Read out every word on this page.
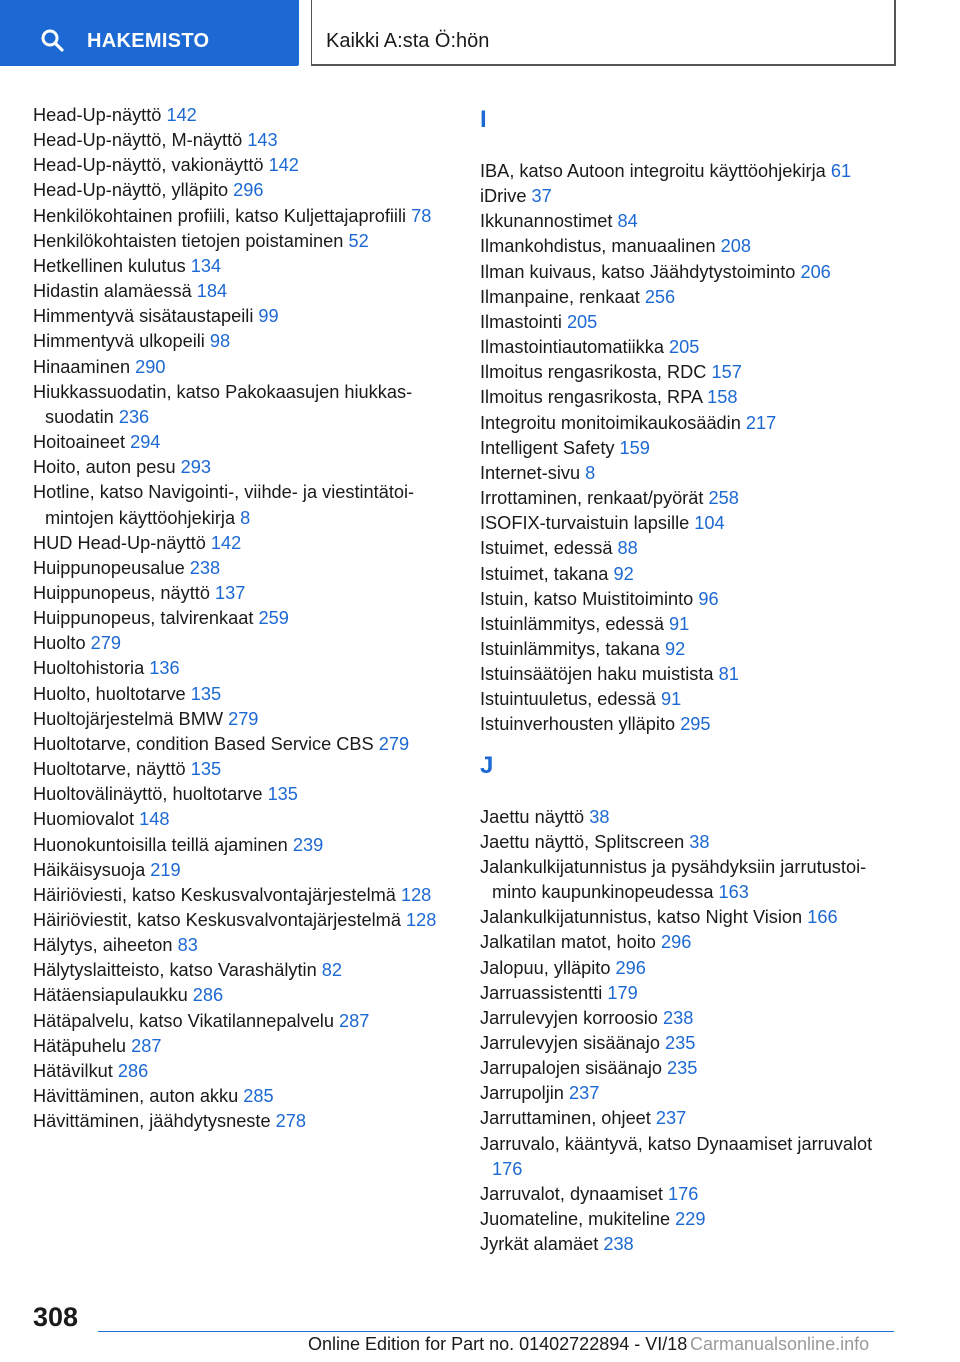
HAKEMISTO	Kaikki A:sta Ö:hön
Head-Up-näyttö 142
Head-Up-näyttö, M-näyttö 143
Head-Up-näyttö, vakionäyttö 142
Head-Up-näyttö, ylläpito 296
Henkilökohtainen profiili, katso Kuljettajaprofiili 78
Henkilökohtaisten tietojen poistaminen 52
Hetkellinen kulutus 134
Hidastin alamäessä 184
Himmentyvä sisätaustapeili 99
Himmentyvä ulkopeili 98
Hinaaminen 290
Hiukkassuodatin, katso Pakokaasujen hiukkassuodatin 236
Hoitoaineet 294
Hoito, auton pesu 293
Hotline, katso Navigointi-, viihde- ja viestintätoimintojen käyttöohjekirja 8
HUD Head-Up-näyttö 142
Huippunopeusalue 238
Huippunopeus, näyttö 137
Huippunopeus, talvirenkaat 259
Huolto 279
Huoltohistoria 136
Huolto, huoltotarve 135
Huoltojärjestelmä BMW 279
Huoltotarve, condition Based Service CBS 279
Huoltotarve, näyttö 135
Huoltovälinäyttö, huoltotarve 135
Huomiovalot 148
Huonokuntoisilla teillä ajaminen 239
Häikäisysuoja 219
Häiriöviesti, katso Keskusvalvontajärjestelmä 128
Häiriöviestit, katso Keskusvalvontajärjestelmä 128
Hälytys, aiheeton 83
Hälytyslaitteisto, katso Varashälytin 82
Hätäensiapulaukku 286
Hätäpalvelu, katso Vikatilannepalvelu 287
Hätäpuhelu 287
Hätävilkut 286
Hävittäminen, auton akku 285
Hävittäminen, jäähdytysneste 278
I
IBA, katso Autoon integroitu käyttöohjekirja 61
iDrive 37
Ikkunannostimet 84
Ilmankohdistus, manuaalinen 208
Ilman kuivaus, katso Jäähdytystoiminto 206
Ilmanpaine, renkaat 256
Ilmastointi 205
Ilmastointiautomatiikka 205
Ilmoitus rengasrikosta, RDC 157
Ilmoitus rengasrikosta, RPA 158
Integroitu monitoimikaukosäädin 217
Intelligent Safety 159
Internet-sivu 8
Irrottaminen, renkaat/pyörät 258
ISOFIX-turvaistuin lapsille 104
Istuimet, edessä 88
Istuimet, takana 92
Istuin, katso Muistitoiminto 96
Istuinlämmitys, edessä 91
Istuinlämmitys, takana 92
Istuinsäätöjen haku muistista 81
Istuintuuletus, edessä 91
Istuinverhousten ylläpito 295
J
Jaettu näyttö 38
Jaettu näyttö, Splitscreen 38
Jalankulkijatunnistus ja pysähdyksiin jarrutustoiminto kaupunkinopeudessa 163
Jalankulkijatunnistus, katso Night Vision 166
Jalkatilan matot, hoito 296
Jalopuu, ylläpito 296
Jarruassistentti 179
Jarrulevyjen korroosio 238
Jarrulevyjen sisäänajo 235
Jarrupalojen sisäänajo 235
Jarrupoljin 237
Jarruttaminen, ohjeet 237
Jarruvalo, kääntyvä, katso Dynaamiset jarruvalot 176
Jarruvalot, dynaamiset 176
Juomateline, mukiteline 229
Jyrkät alamäet 238
308
Online Edition for Part no. 01402722894 - VI/18 Carmanualsonline.info
